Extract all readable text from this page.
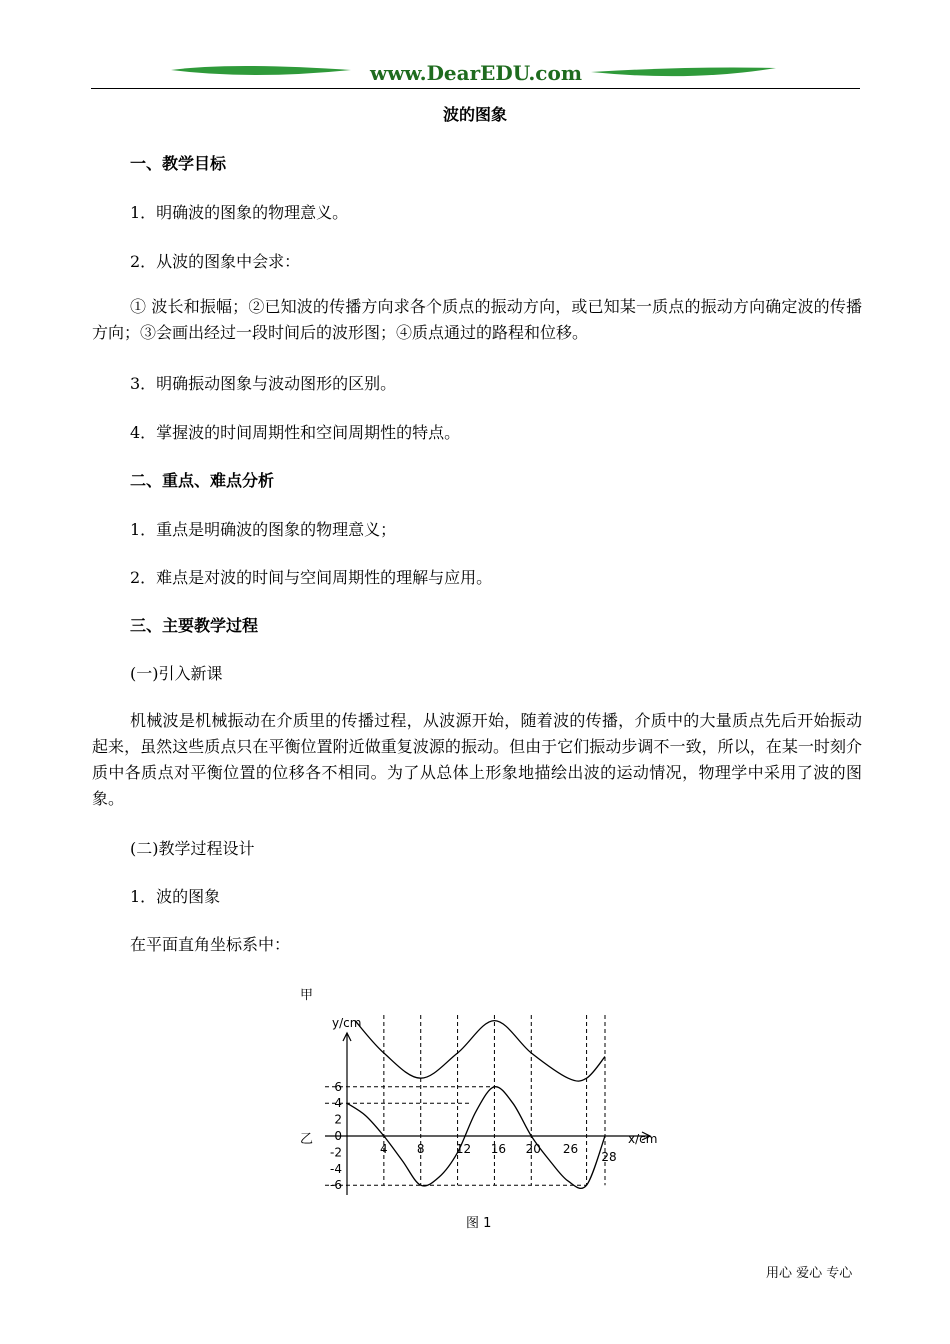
www.DearEDU.com
波的图象
一、教学目标
1．明确波的图象的物理意义。
2．从波的图象中会求：
① 波长和振幅；②已知波的传播方向求各个质点的振动方向，或已知某一质点的振动方向确定波的传播方向；③会画出经过一段时间后的波形图；④质点通过的路程和位移。
3．明确振动图象与波动图形的区别。
4．掌握波的时间周期性和空间周期性的特点。
二、重点、难点分析
1．重点是明确波的图象的物理意义；
2．难点是对波的时间与空间周期性的理解与应用。
三、主要教学过程
(一)引入新课
机械波是机械振动在介质里的传播过程，从波源开始，随着波的传播，介质中的大量质点先后开始振动起来，虽然这些质点只在平衡位置附近做重复波源的振动。但由于它们振动步调不一致，所以，在某一时刻介质中各质点对平衡位置的位移各不相同。为了从总体上形象地描绘出波的运动情况，物理学中采用了波的图象。
(二)教学过程设计
1．波的图象
在平面直角坐标系中：
甲
乙
y/cm
x/cm
6
4
2
0
-2
-4
-6
4 8	12 16 20 26
28
图 1
用心 爱心 专心
